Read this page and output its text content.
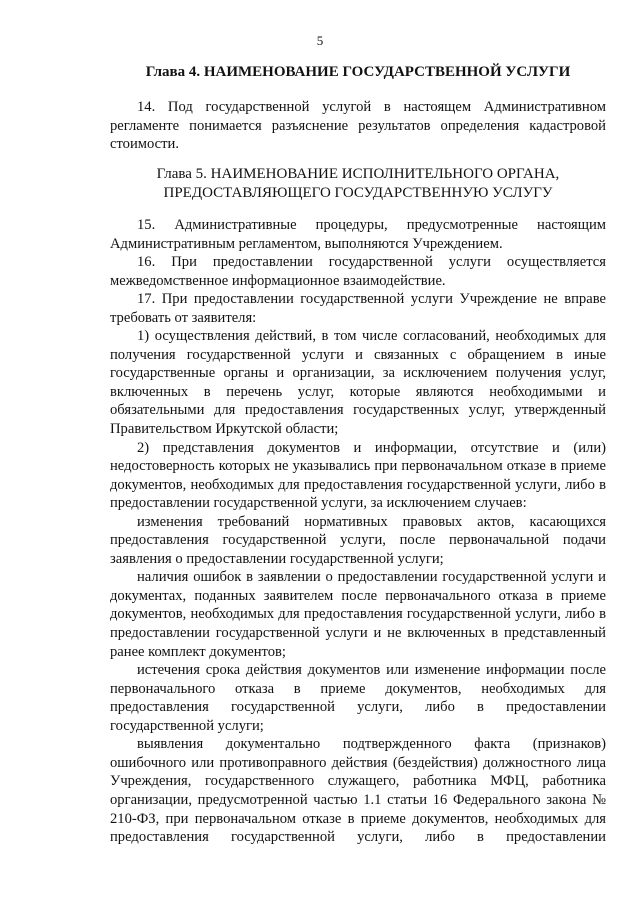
5
Глава 4. НАИМЕНОВАНИЕ ГОСУДАРСТВЕННОЙ УСЛУГИ

14. Под государственной услугой в настоящем Административном регламенте понимается разъяснение результатов определения кадастровой стоимости.

Глава 5. НАИМЕНОВАНИЕ ИСПОЛНИТЕЛЬНОГО ОРГАНА,

ПРЕДОСТАВЛЯЮЩЕГО ГОСУДАРСТВЕННУЮ УСЛУГУ

15. Административные процедуры, предусмотренные настоящим Административным регламентом, выполняются Учреждением.

16. При предоставлении государственной услуги осуществляется межведомственное информационное взаимодействие.

17. При предоставлении государственной услуги Учреждение не вправе требовать от заявителя:

1) осуществления действий, в том числе согласований, необходимых для получения государственной услуги и связанных с обращением в иные государственные органы и организации, за исключением получения услуг, включенных в перечень услуг, которые являются необходимыми и обязательными для предоставления государственных услуг, утвержденный Правительством Иркутской области;

2) представления документов и информации, отсутствие и (или) недостоверность которых не указывались при первоначальном отказе в приеме документов, необходимых для предоставления государственной услуги, либо в предоставлении государственной услуги, за исключением случаев:

изменения требований нормативных правовых актов, касающихся предоставления государственной услуги, после первоначальной подачи заявления о предоставлении государственной услуги;

наличия ошибок в заявлении о предоставлении государственной услуги и документах, поданных заявителем после первоначального отказа в приеме документов, необходимых для предоставления государственной услуги, либо в предоставлении государственной услуги и не включенных в представленный ранее комплект документов;

истечения срока действия документов или изменение информации после первоначального отказа в приеме документов, необходимых для предоставления государственной услуги, либо в предоставлении государственной услуги;

выявления документально подтвержденного факта (признаков) ошибочного или противоправного действия (бездействия) должностного лица Учреждения, государственного служащего, работника МФЦ, работника организации, предусмотренной частью 1.1 статьи 16 Федерального закона № 210-ФЗ, при первоначальном отказе в приеме документов, необходимых для предоставления государственной услуги, либо в предоставлении
